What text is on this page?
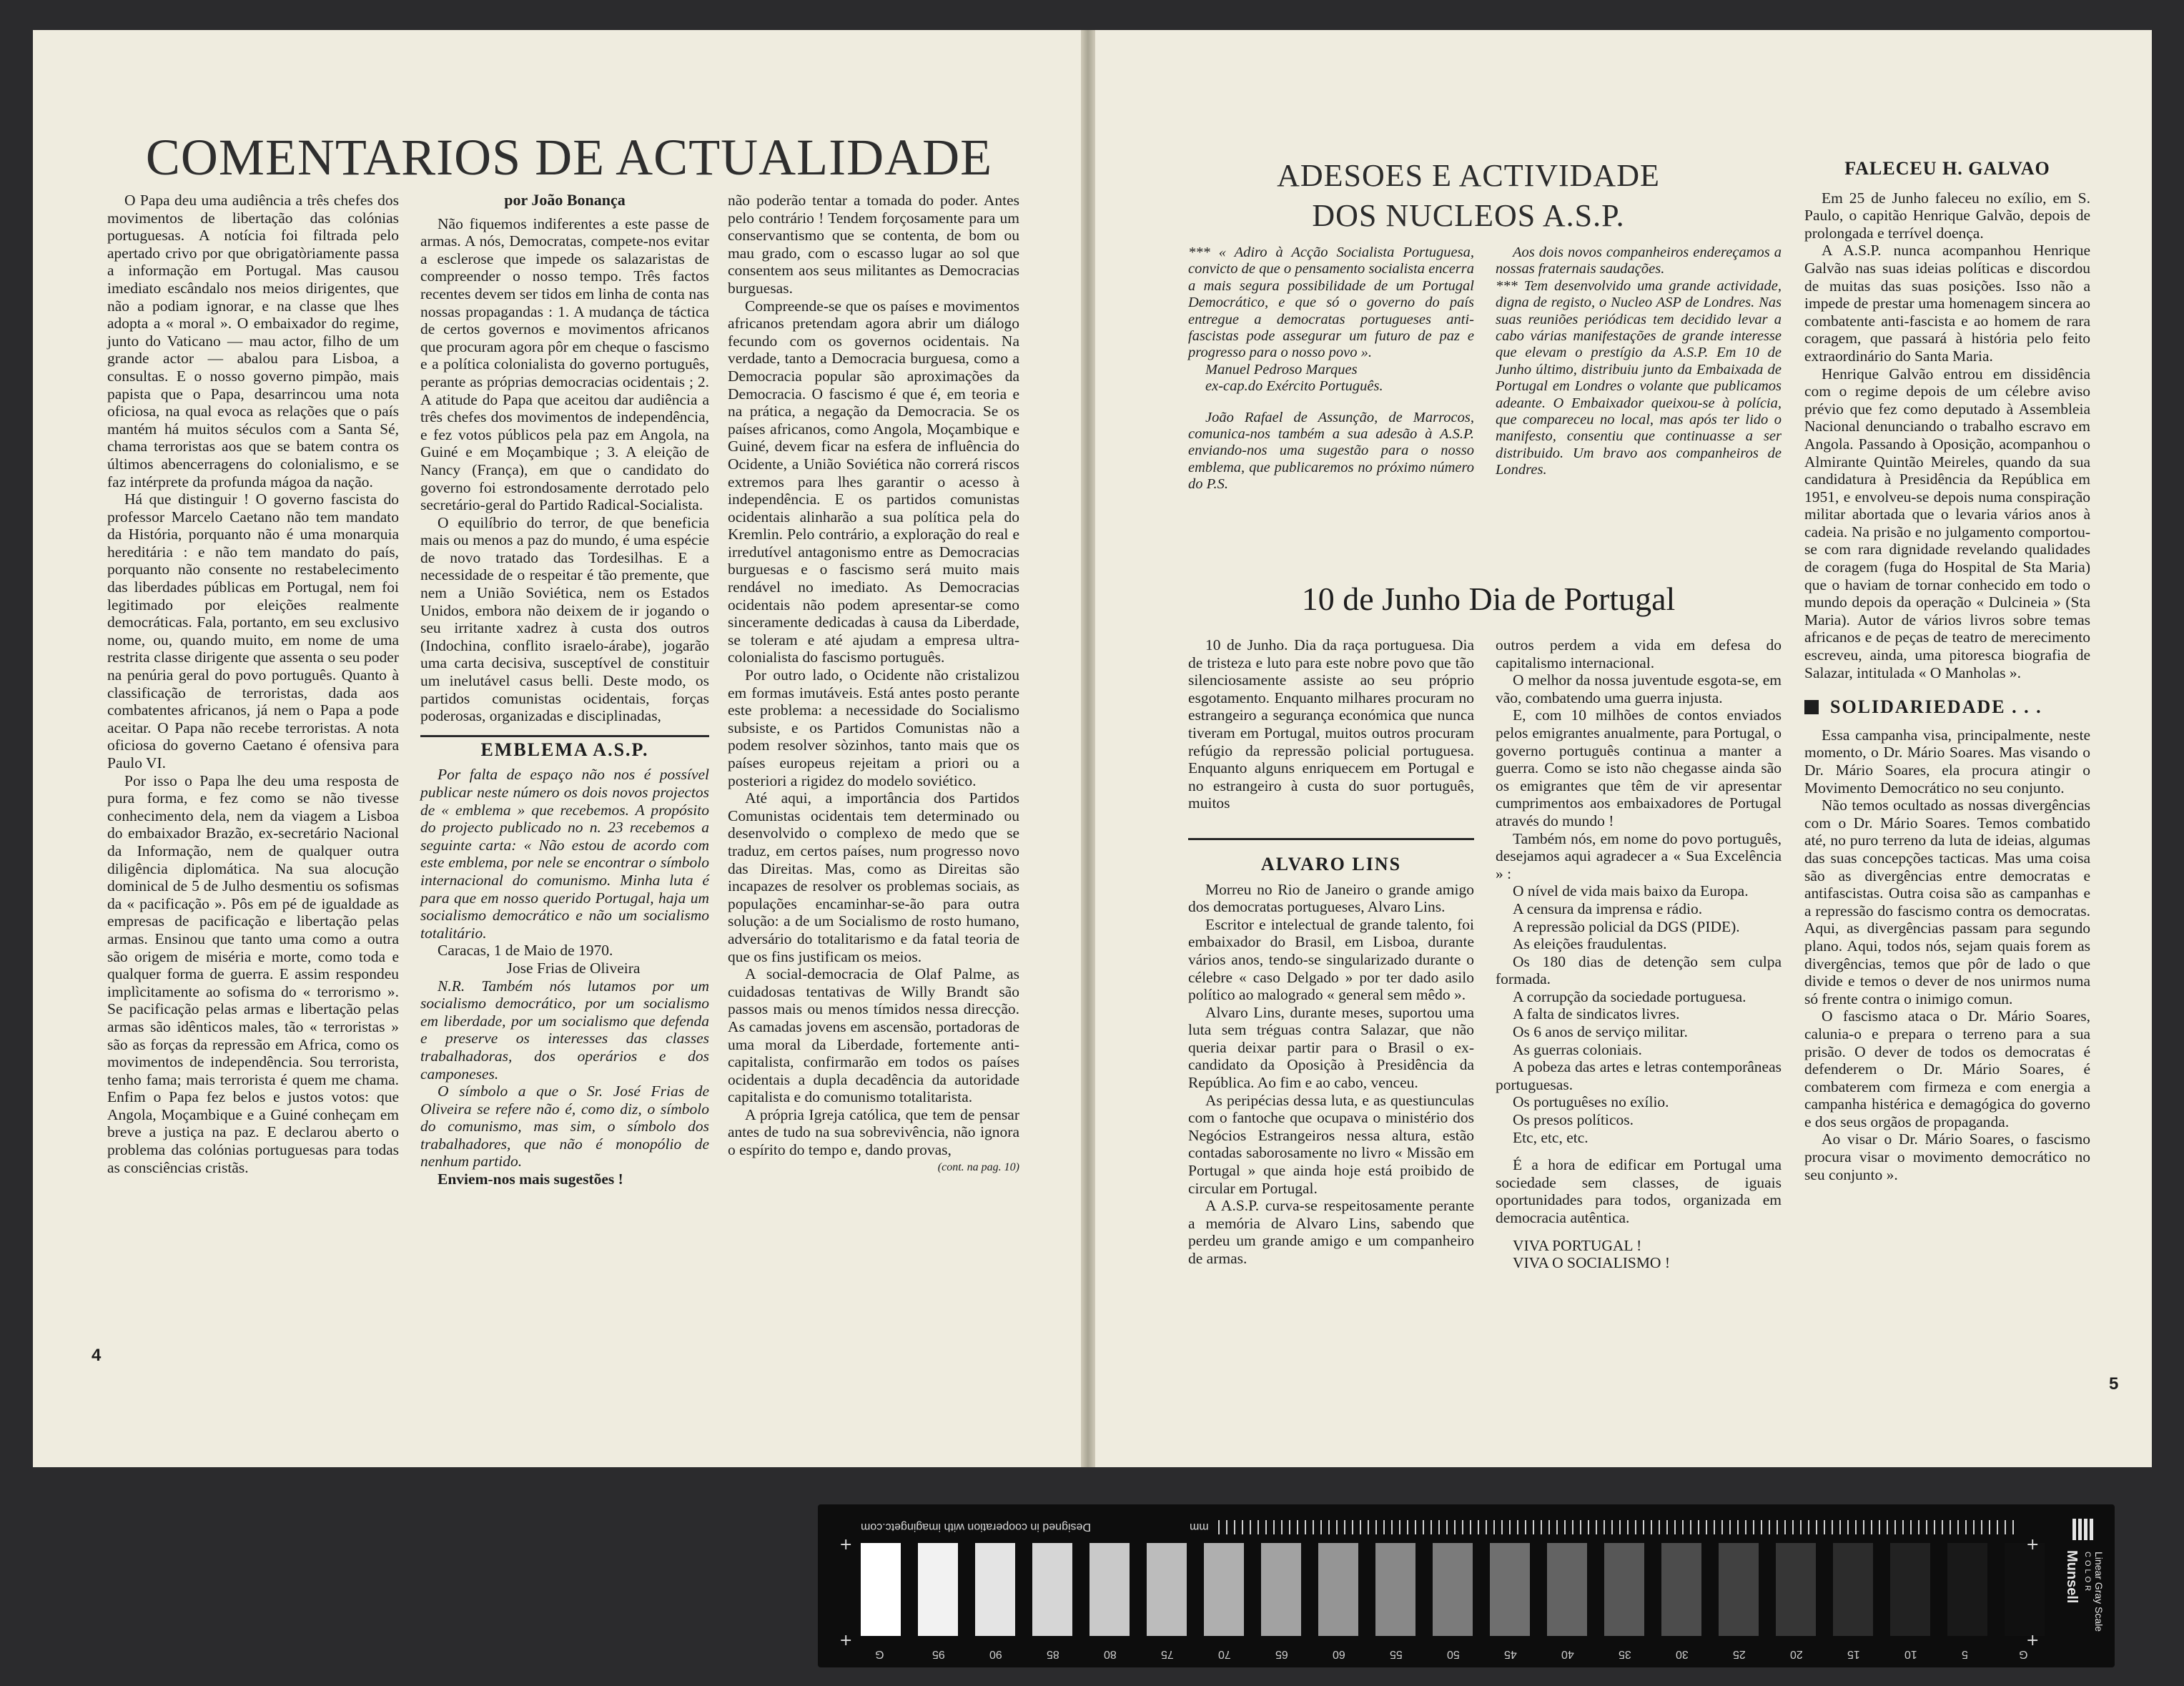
COMENTARIOS DE ACTUALIDADE

O Papa deu uma audiência a três chefes dos movimentos de libertação das colónias portuguesas. A notícia foi filtrada pelo apertado crivo por que obrigatòriamente passa a informação em Portugal. Mas causou imediato escândalo nos meios dirigentes, que não a podiam ignorar, e na classe que lhes adopta a « moral ». O embaixador do regime, junto do Vaticano — mau actor, filho de um grande actor — abalou para Lisboa, a consultas. E o nosso governo pimpão, mais papista que o Papa, desarrincou uma nota oficiosa, na qual evoca as relações que o país mantém há muitos séculos com a Santa Sé, chama terroristas aos que se batem contra os últimos abencerragens do colonialismo, e se faz intérprete da profunda mágoa da nação.

Há que distinguir ! O governo fascista do professor Marcelo Caetano não tem mandato da História, porquanto não é uma monarquia hereditária : e não tem mandato do país, porquanto não consente no restabelecimento das liberdades públicas em Portugal, nem foi legitimado por eleições realmente democráticas. Fala, portanto, em seu exclusivo nome, ou, quando muito, em nome de uma restrita classe dirigente que assenta o seu poder na penúria geral do povo português. Quanto à classificação de terroristas, dada aos combatentes africanos, já nem o Papa a pode aceitar. O Papa não recebe terroristas. A nota oficiosa do governo Caetano é ofensiva para Paulo VI.

Por isso o Papa lhe deu uma resposta de pura forma, e fez como se não tivesse conhecimento dela, nem da viagem a Lisboa do embaixador Brazão, ex-secretário Nacional da Informação, nem de qualquer outra diligência diplomática. Na sua alocução dominical de 5 de Julho desmentiu os sofismas da « pacificação ». Pôs em pé de igualdade as empresas de pacificação e libertação pelas armas. Ensinou que tanto uma como a outra são origem de miséria e morte, como toda e qualquer forma de guerra. E assim respondeu implìcitamente ao sofisma do « terrorismo ». Se pacificação pelas armas e libertação pelas armas são idênticos males, tão « terroristas » são as forças da repressão em Africa, como os movimentos de independência. Sou terrorista, tenho fama; mais terrorista é quem me chama. Enfim o Papa fez belos e justos votos: que Angola, Moçambique e a Guiné conheçam em breve a justiça na paz. E declarou aberto o problema das colónias portuguesas para todas as consciências cristãs.

por João Bonança

Não fiquemos indiferentes a este passe de armas. A nós, Democratas, compete-nos evitar a esclerose que impede os salazaristas de compreender o nosso tempo. Três factos recentes devem ser tidos em linha de conta nas nossas propagandas : 1. A mudança de táctica de certos governos e movimentos africanos que procuram agora pôr em cheque o fascismo e a política colonialista do governo português, perante as próprias democracias ocidentais ; 2. A atitude do Papa que aceitou dar audiência a três chefes dos movimentos de independência, e fez votos públicos pela paz em Angola, na Guiné e em Moçambique ; 3. A eleição de Nancy (França), em que o candidato do governo foi estrondosamente derrotado pelo secretário-geral do Partido Radical-Socialista.

O equilíbrio do terror, de que beneficia mais ou menos a paz do mundo, é uma espécie de novo tratado das Tordesilhas. E a necessidade de o respeitar é tão premente, que nem a União Soviética, nem os Estados Unidos, embora não deixem de ir jogando o seu irritante xadrez à custa dos outros (Indochina, conflito israelo-árabe), jogarão uma carta decisiva, susceptível de constituir um inelutável casus belli. Deste modo, os partidos comunistas ocidentais, forças poderosas, organizadas e disciplinadas,

EMBLEMA A.S.P.

Por falta de espaço não nos é possível publicar neste número os dois novos projectos de « emblema » que recebemos. A propósito do projecto publicado no n. 23 recebemos a seguinte carta: « Não estou de acordo com este emblema, por nele se encontrar o símbolo internacional do comunismo. Minha luta é para que em nosso querido Portugal, haja um socialismo democrático e não um socialismo totalitário.

Caracas, 1 de Maio de 1970.

Jose Frias de Oliveira

N.R. Também nós lutamos por um socialismo democrático, por um socialismo em liberdade, por um socialismo que defenda e preserve os interesses das classes trabalhadoras, dos operários e dos camponeses.

O símbolo a que o Sr. José Frias de Oliveira se refere não é, como diz, o símbolo do comunismo, mas sim, o símbolo dos trabalhadores, que não é monopólio de nenhum partido.

Enviem-nos mais sugestões !

não poderão tentar a tomada do poder. Antes pelo contrário ! Tendem forçosamente para um conservantismo que se contenta, de bom ou mau grado, com o escasso lugar ao sol que consentem aos seus militantes as Democracias burguesas.

Compreende-se que os países e movimentos africanos pretendam agora abrir um diálogo fecundo com os governos ocidentais. Na verdade, tanto a Democracia burguesa, como a Democracia popular são aproximações da Democracia. O fascismo é que é, em teoria e na prática, a negação da Democracia. Se os países africanos, como Angola, Moçambique e Guiné, devem ficar na esfera de influência do Ocidente, a União Soviética não correrá riscos extremos para lhes garantir o acesso à independência. E os partidos comunistas ocidentais alinharão a sua política pela do Kremlin. Pelo contrário, a exploração do real e irredutível antagonismo entre as Democracias burguesas e o fascismo será muito mais rendável no imediato. As Democracias ocidentais não podem apresentar-se como sinceramente dedicadas à causa da Liberdade, se toleram e até ajudam a empresa ultra-colonialista do fascismo português.

Por outro lado, o Ocidente não cristalizou em formas imutáveis. Está antes posto perante este problema: a necessidade do Socialismo subsiste, e os Partidos Comunistas não a podem resolver sòzinhos, tanto mais que os países europeus rejeitam a priori ou a posteriori a rigidez do modelo soviético.

Até aqui, a importância dos Partidos Comunistas ocidentais tem determinado ou desenvolvido o complexo de medo que se traduz, em certos países, num progresso novo das Direitas. Mas, como as Direitas são incapazes de resolver os problemas sociais, as populações encaminhar-se-ão para outra solução: a de um Socialismo de rosto humano, adversário do totalitarismo e da fatal teoria de que os fins justificam os meios.

A social-democracia de Olaf Palme, as cuidadosas tentativas de Willy Brandt são passos mais ou menos tímidos nessa direcção. As camadas jovens em ascensão, portadoras de uma moral da Liberdade, fortemente anti-capitalista, confirmarão em todos os países ocidentais a dupla decadência da autoridade capitalista e do comunismo totalitarista.

A própria Igreja católica, que tem de pensar antes de tudo na sua sobrevivência, não ignora o espírito do tempo e, dando provas,

(cont. na pag. 10)

4
ADESOES E ACTIVIDADE
DOS NUCLEOS A.S.P.

*** « Adiro à Acção Socialista Portuguesa, convicto de que o pensamento socialista encerra a mais segura possibilidade de um Portugal Democrático, e que só o governo do país entregue a democratas portugueses anti-fascistas pode assegurar um futuro de paz e progresso para o nosso povo ».

Manuel Pedroso Marques

ex-cap.do Exército Português.

João Rafael de Assunção, de Marrocos, comunica-nos também a sua adesão à A.S.P. enviando-nos uma sugestão para o nosso emblema, que publicaremos no próximo número do P.S.

Aos dois novos companheiros endereçamos a nossas fraternais saudações.

*** Tem desenvolvido uma grande actividade, digna de registo, o Nucleo ASP de Londres. Nas suas reuniões periódicas tem decidido levar a cabo várias manifestações de grande interesse que elevam o prestígio da A.S.P. Em 10 de Junho último, distribuiu junto da Embaixada de Portugal em Londres o volante que publicamos adeante. O Embaixador queixou-se à polícia, que compareceu no local, mas após ter lido o manifesto, consentiu que continuasse a ser distribuido. Um bravo aos companheiros de Londres.

10 de Junho Dia de Portugal

10 de Junho. Dia da raça portuguesa. Dia de tristeza e luto para este nobre povo que tão silenciosamente assiste ao seu próprio esgotamento. Enquanto milhares procuram no estrangeiro a segurança económica que nunca tiveram em Portugal, muitos outros procuram refúgio da repressão policial portuguesa. Enquanto alguns enriquecem em Portugal e no estrangeiro à custa do suor português, muitos

ALVARO LINS

Morreu no Rio de Janeiro o grande amigo dos democratas portugueses, Alvaro Lins.

Escritor e intelectual de grande talento, foi embaixador do Brasil, em Lisboa, durante vários anos, tendo-se singularizado durante o célebre « caso Delgado » por ter dado asilo político ao malogrado « general sem mêdo ».

Alvaro Lins, durante meses, suportou uma luta sem tréguas contra Salazar, que não queria deixar partir para o Brasil o ex-candidato da Oposição à Presidência da República. Ao fim e ao cabo, venceu.

As peripécias dessa luta, e as questiunculas com o fantoche que ocupava o ministério dos Negócios Estrangeiros nessa altura, estão contadas saborosamente no livro « Missão em Portugal » que ainda hoje está proibido de circular em Portugal.

A A.S.P. curva-se respeitosamente perante a memória de Alvaro Lins, sabendo que perdeu um grande amigo e um companheiro de armas.

outros perdem a vida em defesa do capitalismo internacional.

O melhor da nossa juventude esgota-se, em vão, combatendo uma guerra injusta.

E, com 10 milhões de contos enviados pelos emigrantes anualmente, para Portugal, o governo português continua a manter a guerra. Como se isto não chegasse ainda são os emigrantes que têm de vir apresentar cumprimentos aos embaixadores de Portugal através do mundo !

Também nós, em nome do povo português, desejamos aqui agradecer a « Sua Excelência » :

O nível de vida mais baixo da Europa.

A censura da imprensa e rádio.

A repressão policial da DGS (PIDE).

As eleições fraudulentas.

Os 180 dias de detenção sem culpa formada.

A corrupção da sociedade portuguesa.

A falta de sindicatos livres.

Os 6 anos de serviço militar.

As guerras coloniais.

A pobeza das artes e letras contemporâneas portuguesas.

Os portuguêses no exílio.

Os presos políticos.

Etc, etc, etc.

É a hora de edificar em Portugal uma sociedade sem classes, de iguais oportunidades para todos, organizada em democracia autêntica.

VIVA PORTUGAL !

VIVA O SOCIALISMO !

FALECEU H. GALVAO

Em 25 de Junho faleceu no exílio, em S. Paulo, o capitão Henrique Galvão, depois de prolongada e terrível doença.

A A.S.P. nunca acompanhou Henrique Galvão nas suas ideias políticas e discordou de muitas das suas posições. Isso não a impede de prestar uma homenagem sincera ao combatente anti-fascista e ao homem de rara coragem, que passará à história pelo feito extraordinário do Santa Maria.

Henrique Galvão entrou em dissidência com o regime depois de um célebre aviso prévio que fez como deputado à Assembleia Nacional denunciando o trabalho escravo em Angola. Passando à Oposição, acompanhou o Almirante Quintão Meireles, quando da sua candidatura à Presidência da República em 1951, e envolveu-se depois numa conspiração militar abortada que o levaria vários anos à cadeia. Na prisão e no julgamento comportou-se com rara dignidade revelando qualidades de coragem (fuga do Hospital de Sta Maria) que o haviam de tornar conhecido em todo o mundo depois da operação « Dulcineia » (Sta Maria). Autor de vários livros sobre temas africanos e de peças de teatro de merecimento escreveu, ainda, uma pitoresca biografia de Salazar, intitulada « O Manholas ».

SOLIDARIEDADE . . .

Essa campanha visa, principalmente, neste momento, o Dr. Mário Soares. Mas visando o Dr. Mário Soares, ela procura atingir o Movimento Democrático no seu conjunto.

Não temos ocultado as nossas divergências com o Dr. Mário Soares. Temos combatido até, no puro terreno da luta de ideias, algumas das suas concepções tacticas. Mas uma coisa são as divergências entre democratas e antifascistas. Outra coisa são as campanhas e a repressão do fascismo contra os democratas. Aqui, as divergências passam para segundo plano. Aqui, todos nós, sejam quais forem as divergências, temos que pôr de lado o que divide e temos o dever de nos unirmos numa só frente contra o inimigo comun.

O fascismo ataca o Dr. Mário Soares, calunia-o e prepara o terreno para a sua prisão. O dever de todos os democratas é defenderem o Dr. Mário Soares, é combaterem com firmeza e com energia a campanha histérica e demagógica do governo e dos seus orgãos de propaganda.

Ao visar o Dr. Mário Soares, o fascismo procura visar o movimento democrático no seu conjunto ».

5
Designed in cooperation with imagingetc.com	mm
G	95	90	85	80	75	70	65	60	55	50	45	40	35	30	25	20	15	10	5	G
+
+
+
+
Munsell COLOR Linear Gray Scale
